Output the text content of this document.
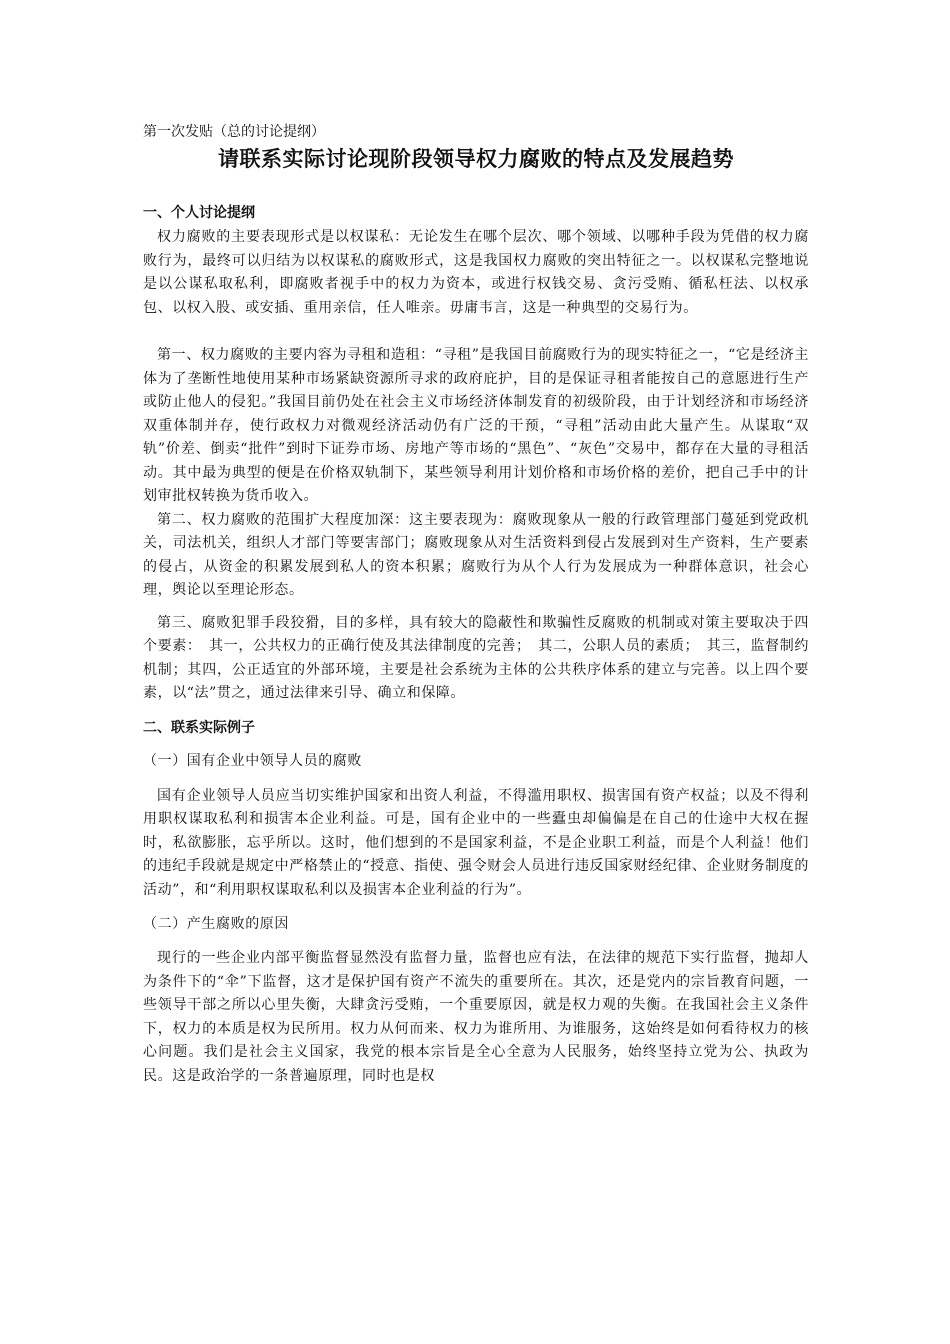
第一次发贴（总的讨论提纲）

请联系实际讨论现阶段领导权力腐败的特点及发展趋势
一、个人讨论提纲

权力腐败的主要表现形式是以权谋私：无论发生在哪个层次、哪个领域、以哪种手段为凭借的权力腐败行为，最终可以归结为以权谋私的腐败形式，这是我国权力腐败的突出特征之一。以权谋私完整地说是以公谋私取私利，即腐败者视手中的权力为资本，或进行权钱交易、贪污受贿、循私枉法、以权承包、以权入股、或安插、重用亲信，任人唯亲。毋庸韦言，这是一种典型的交易行为。

第一、权力腐败的主要内容为寻租和造租：“寻租”是我国目前腐败行为的现实特征之一，“它是经济主体为了垄断性地使用某种市场紧缺资源所寻求的政府庇护，目的是保证寻租者能按自己的意愿进行生产或防止他人的侵犯。”我国目前仍处在社会主义市场经济体制发育的初级阶段，由于计划经济和市场经济双重体制并存，使行政权力对微观经济活动仍有广泛的干预，“寻租”活动由此大量产生。从谋取“双轨”价差、倒卖“批件”到时下证券市场、房地产等市场的“黑色”、“灰色”交易中，都存在大量的寻租活动。其中最为典型的便是在价格双轨制下，某些领导利用计划价格和市场价格的差价，把自己手中的计划审批权转换为货币收入。

第二、权力腐败的范围扩大程度加深：这主要表现为：腐败现象从一般的行政管理部门蔓延到党政机关，司法机关，组织人才部门等要害部门；腐败现象从对生活资料到侵占发展到对生产资料，生产要素的侵占，从资金的积累发展到私人的资本积累；腐败行为从个人行为发展成为一种群体意识，社会心理，舆论以至理论形态。

第三、腐败犯罪手段狡猾，目的多样，具有较大的隐蔽性和欺骗性反腐败的机制或对策主要取决于四个要素：　其一，公共权力的正确行使及其法律制度的完善；　其二，公职人员的素质；　其三，监督制约机制；其四，公正适宜的外部环境，主要是社会系统为主体的公共秩序体系的建立与完善。以上四个要素，以“法”贯之，通过法律来引导、确立和保障。

二、联系实际例子

（一）国有企业中领导人员的腐败

国有企业领导人员应当切实维护国家和出资人利益，不得滥用职权、损害国有资产权益；以及不得利用职权谋取私利和损害本企业利益。可是，国有企业中的一些蠹虫却偏偏是在自己的仕途中大权在握时，私欲膨胀，忘乎所以。这时，他们想到的不是国家利益，不是企业职工利益，而是个人利益！他们的违纪手段就是规定中严格禁止的“授意、指使、强令财会人员进行违反国家财经纪律、企业财务制度的活动”，和“利用职权谋取私利以及损害本企业利益的行为”。

（二）产生腐败的原因

现行的一些企业内部平衡监督显然没有监督力量，监督也应有法，在法律的规范下实行监督，抛却人为条件下的“伞”下监督，这才是保护国有资产不流失的重要所在。其次，还是党内的宗旨教育问题，一些领导干部之所以心里失衡，大肆贪污受贿，一个重要原因，就是权力观的失衡。在我国社会主义条件下，权力的本质是权为民所用。权力从何而来、权力为谁所用、为谁服务，这始终是如何看待权力的核心问题。我们是社会主义国家，我党的根本宗旨是全心全意为人民服务，始终坚持立党为公、执政为民。这是政治学的一条普遍原理，同时也是权
